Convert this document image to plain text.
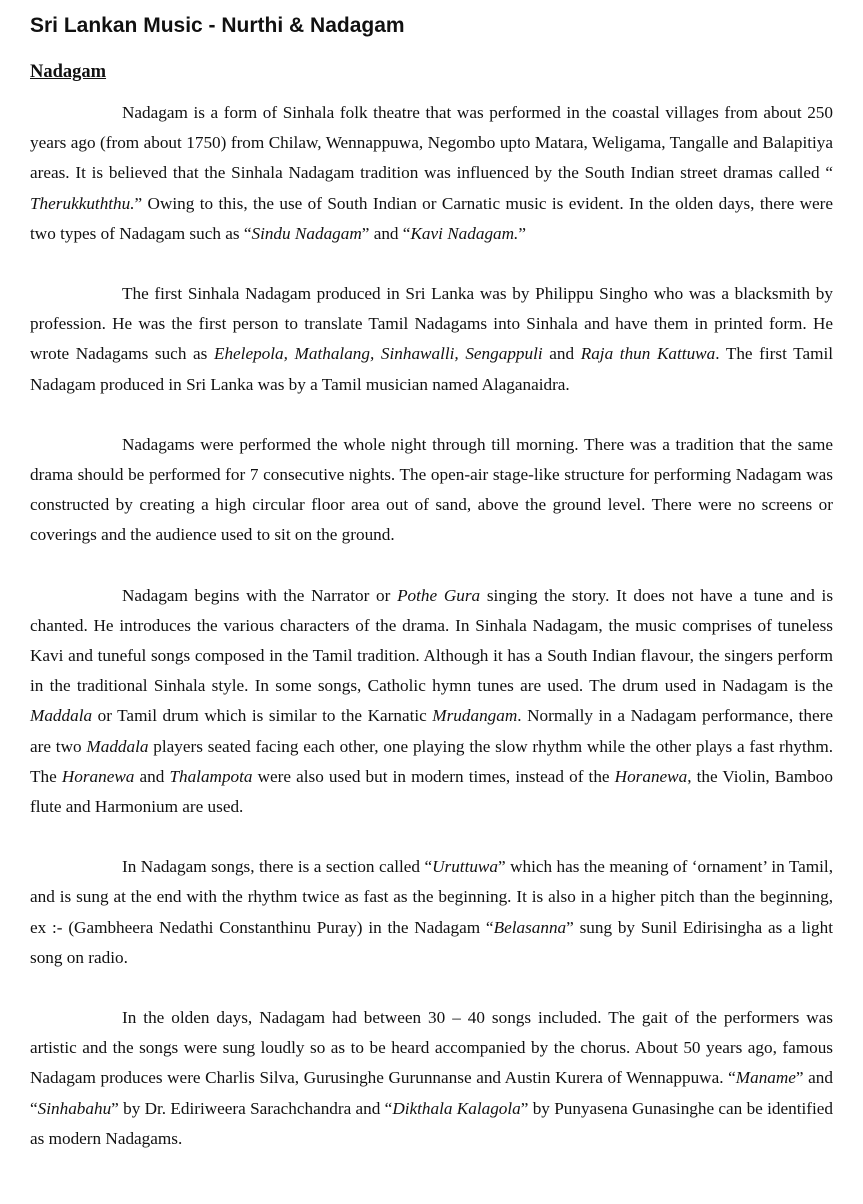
Sri Lankan Music - Nurthi & Nadagam
Nadagam

Nadagam is a form of Sinhala folk theatre that was performed in the coastal villages from about 250 years ago (from about 1750) from Chilaw, Wennappuwa, Negombo upto Matara, Weligama, Tangalle and Balapitiya areas. It is believed that the Sinhala Nadagam tradition was influenced by the South Indian street dramas called “ Therukkuththu.” Owing to this, the use of South Indian or Carnatic music is evident. In the olden days, there were two types of Nadagam such as “Sindu Nadagam” and “Kavi Nadagam.”

The first Sinhala Nadagam produced in Sri Lanka was by Philippu Singho who was a blacksmith by profession. He was the first person to translate Tamil Nadagams into Sinhala and have them in printed form. He wrote Nadagams such as Ehelepola, Mathalang, Sinhawalli, Sengappuli and Raja thun Kattuwa. The first Tamil Nadagam produced in Sri Lanka was by a Tamil musician named Alaganaidra.

Nadagams were performed the whole night through till morning. There was a tradition that the same drama should be performed for 7 consecutive nights. The open-air stage-like structure for performing Nadagam was constructed by creating a high circular floor area out of sand, above the ground level. There were no screens or coverings and the audience used to sit on the ground.

Nadagam begins with the Narrator or Pothe Gura singing the story. It does not have a tune and is chanted. He introduces the various characters of the drama. In Sinhala Nadagam, the music comprises of tuneless Kavi and tuneful songs composed in the Tamil tradition. Although it has a South Indian flavour, the singers perform in the traditional Sinhala style. In some songs, Catholic hymn tunes are used. The drum used in Nadagam is the Maddala or Tamil drum which is similar to the Karnatic Mrudangam. Normally in a Nadagam performance, there are two Maddala players seated facing each other, one playing the slow rhythm while the other plays a fast rhythm. The Horanewa and Thalampota were also used but in modern times, instead of the Horanewa, the Violin, Bamboo flute and Harmonium are used.

In Nadagam songs, there is a section called “Uruttuwa” which has the meaning of ‘ornament’ in Tamil, and is sung at the end with the rhythm twice as fast as the beginning. It is also in a higher pitch than the beginning, ex :- (Gambheera Nedathi Constanthinu Puray) in the Nadagam “Belasanna” sung by Sunil Edirisingha as a light song on radio.

In the olden days, Nadagam had between 30 – 40 songs included. The gait of the performers was artistic and the songs were sung loudly so as to be heard accompanied by the chorus. About 50 years ago, famous Nadagam produces were Charlis Silva, Gurusinghe Gurunnanse and Austin Kurera of Wennappuwa. “Maname” and “Sinhabahu” by Dr. Ediriweera Sarachchandra and “Dikthala Kalagola” by Punyasena Gunasinghe can be identified as modern Nadagams.
